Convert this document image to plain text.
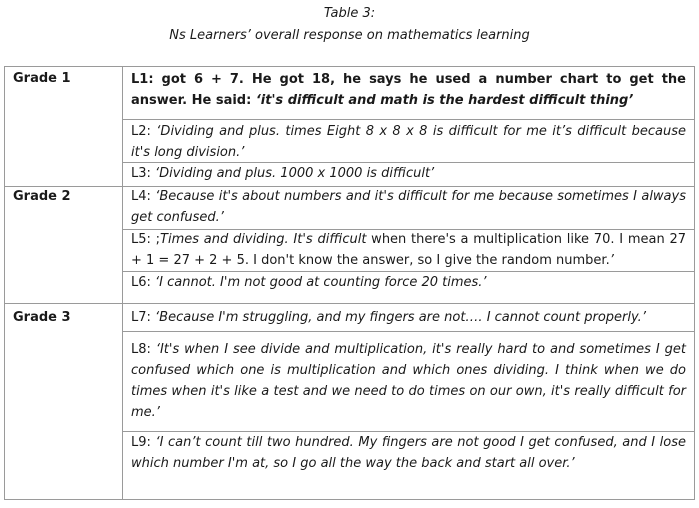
Table 3:
Ns Learners’ overall response on mathematics learning
Grade 1
Grade 2
Grade 3
L1: got 6 + 7. He got 18, he says he used a number chart to get the answer. He said: ‘it's difficult and math is the hardest difficult thing’
L2: ‘Dividing and plus. times Eight 8 x 8 x 8 is difficult for me it’s difficult because it's long division.’
L3: ‘Dividing and plus. 1000 x 1000 is difficult’
L4: ‘Because it's about numbers and it's difficult for me because sometimes I always get confused.’
L5: ;Times and dividing. It's difficult when there's a multiplication like 70. I mean 27 + 1 = 27 + 2 + 5. I don't know the answer, so I give the random number.’
L6: ‘I cannot. I'm not good at counting force 20 times.’
L7: ‘Because I'm struggling, and my fingers are not…. I cannot count properly.’
L8: ‘It's when I see divide and multiplication, it's really hard to and sometimes I get confused which one is multiplication and which ones dividing. I think when we do times when it's like a test and we need to do times on our own, it's really difficult for me.’
L9: ‘I can’t count till two hundred. My fingers are not good I get confused, and I lose which number I'm at, so I go all the way the back and start all over.’
